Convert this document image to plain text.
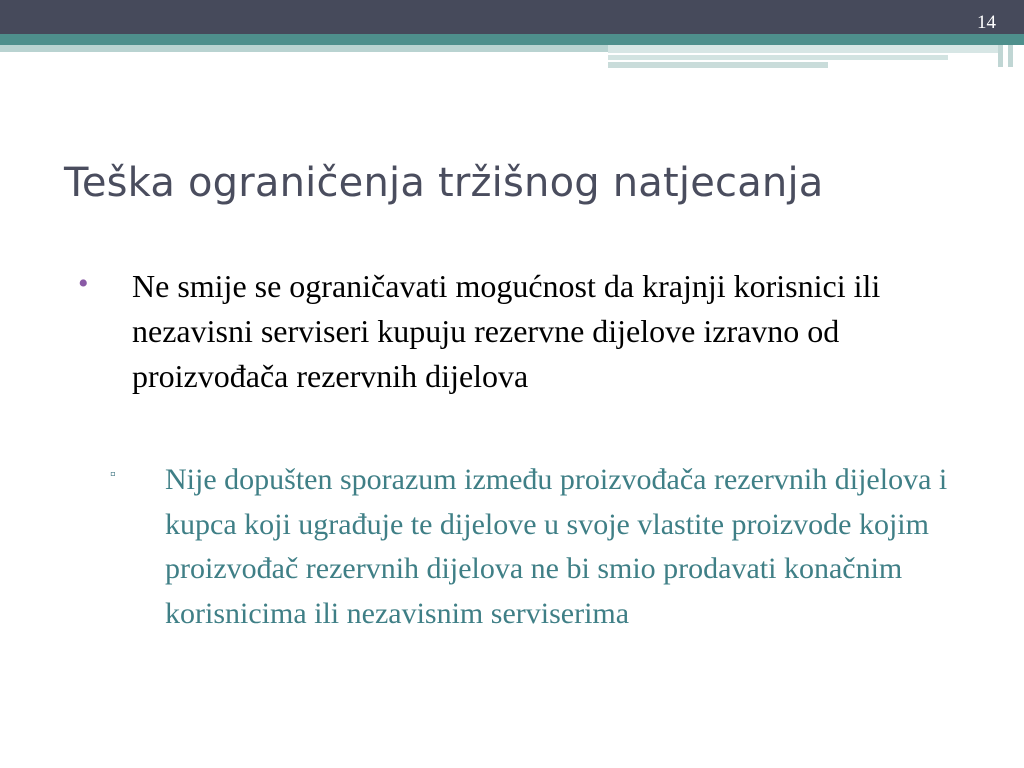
14
Teška ograničenja tržišnog natjecanja
• Ne smije se ograničavati mogućnost da krajnji korisnici ili nezavisni serviseri kupuju rezervne dijelove izravno od proizvođača rezervnih dijelova
▫ Nije dopušten sporazum između proizvođača rezervnih dijelova i kupca koji ugrađuje te dijelove u svoje vlastite proizvode kojim proizvođač rezervnih dijelova ne bi smio prodavati konačnim korisnicima ili nezavisnim serviserima
